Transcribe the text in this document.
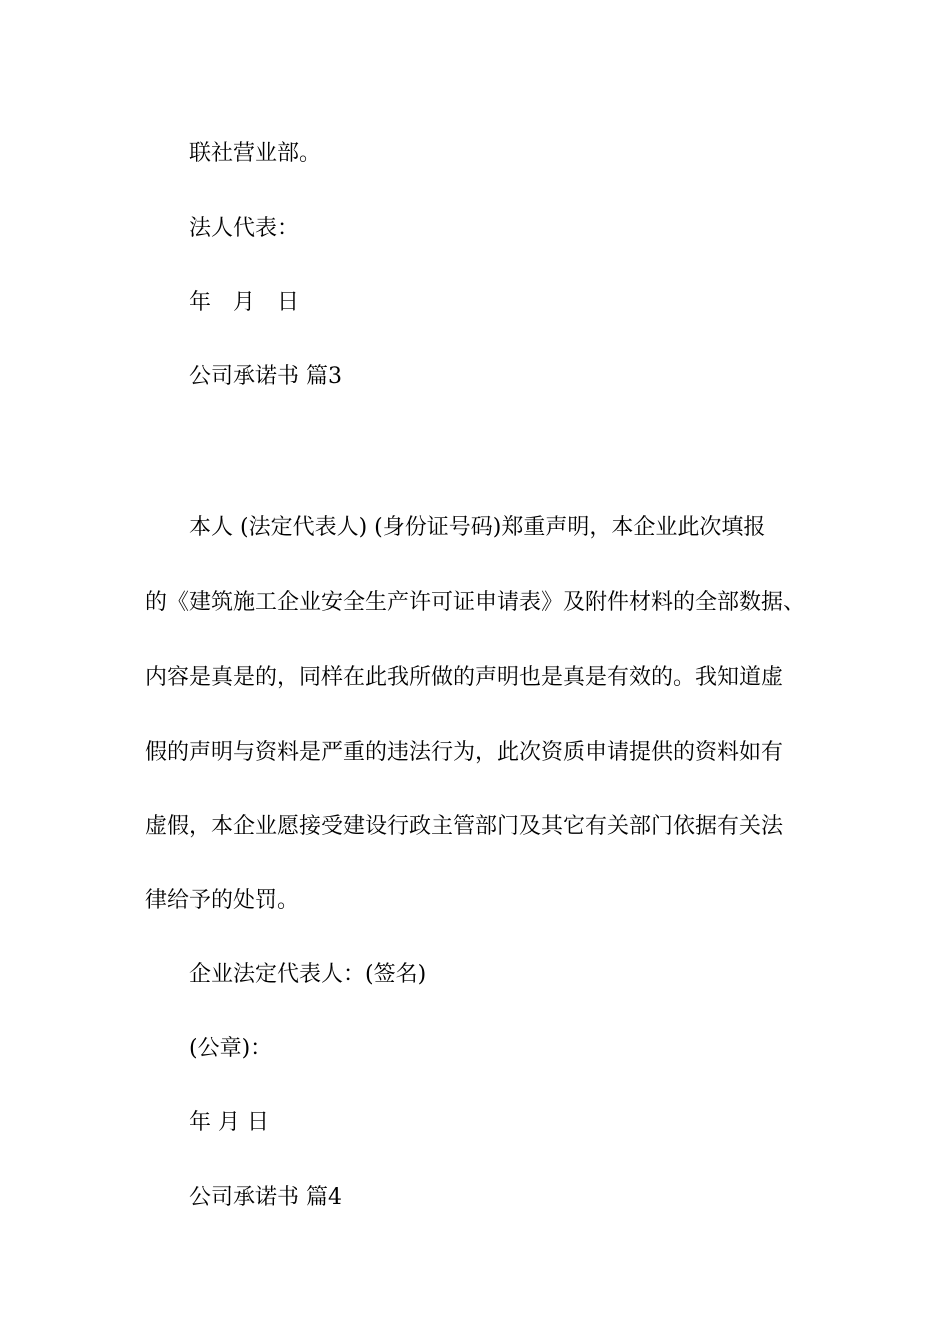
联社营业部。
法人代表：
年　月　日
公司承诺书 篇3
本人 (法定代表人) (身份证号码)郑重声明，本企业此次填报
的《建筑施工企业安全生产许可证申请表》及附件材料的全部数据、
内容是真是的，同样在此我所做的声明也是真是有效的。我知道虚
假的声明与资料是严重的违法行为，此次资质申请提供的资料如有
虚假，本企业愿接受建设行政主管部门及其它有关部门依据有关法
律给予的处罚。
企业法定代表人：(签名)
(公章)：
年 月 日
公司承诺书 篇4
